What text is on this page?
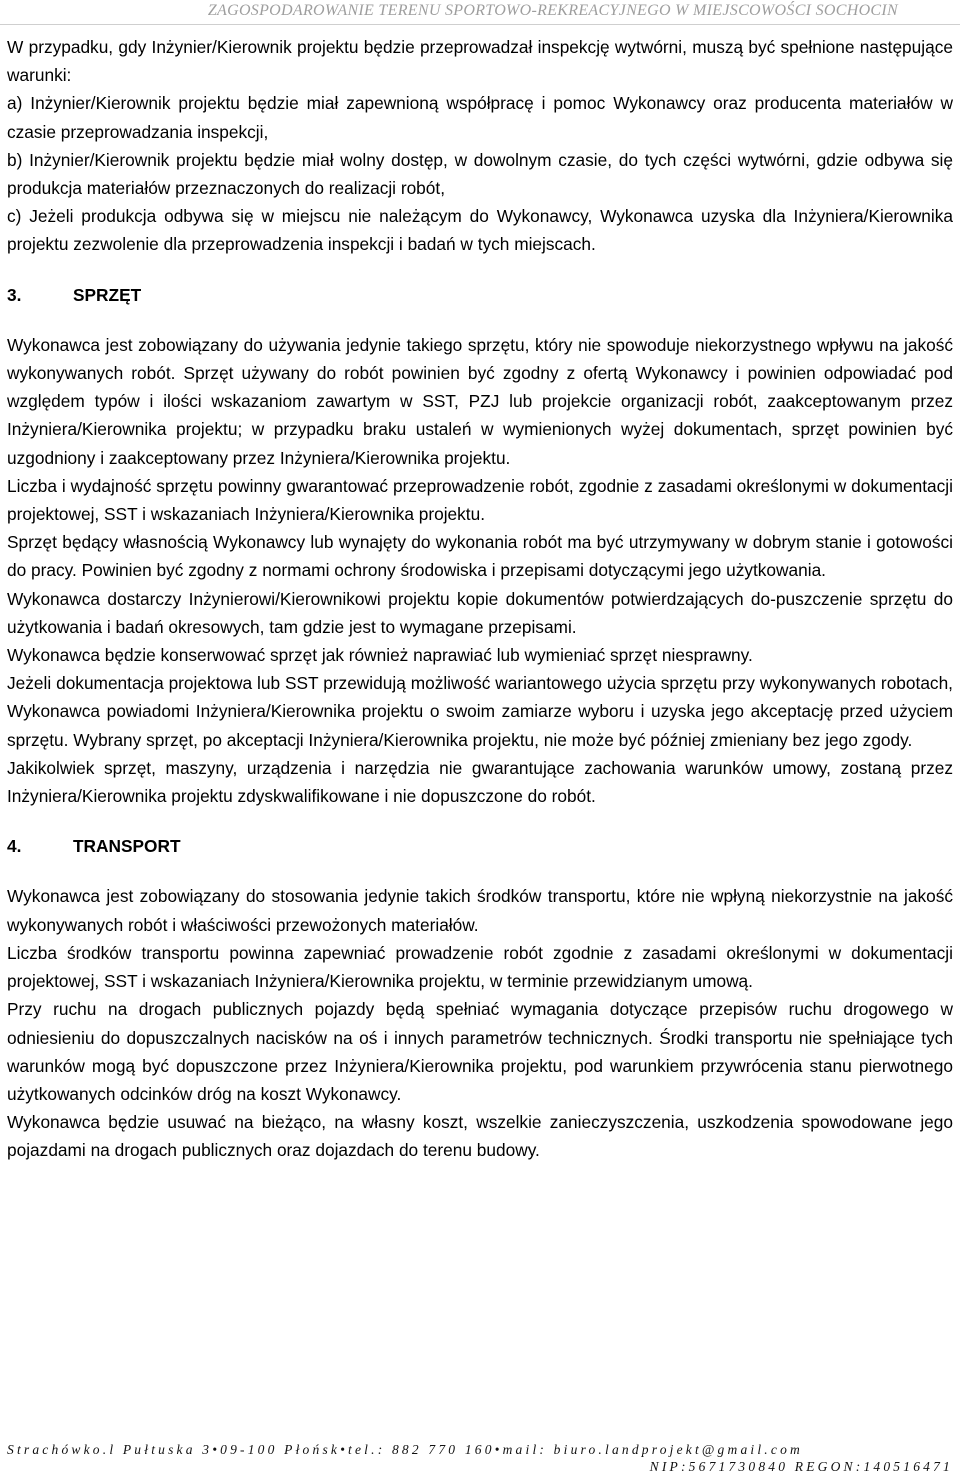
ZAGOSPODAROWANIE TERENU SPORTOWO-REKREACYJNEGO W MIEJSCOWOŚCI SOCHOCIN

W przypadku, gdy Inżynier/Kierownik projektu będzie przeprowadzał inspekcję wytwórni, muszą być spełnione następujące warunki:

a) Inżynier/Kierownik projektu będzie miał zapewnioną współpracę i pomoc Wykonawcy oraz producenta materiałów w czasie przeprowadzania inspekcji,

b) Inżynier/Kierownik projektu będzie miał wolny dostęp, w dowolnym czasie, do tych części wytwórni, gdzie odbywa się produkcja materiałów przeznaczonych do realizacji robót,

c) Jeżeli produkcja odbywa się w miejscu nie należącym do Wykonawcy, Wykonawca uzyska dla Inżyniera/Kierownika projektu zezwolenie dla przeprowadzenia inspekcji i badań w tych miejscach.

3.	SPRZĘT

Wykonawca jest zobowiązany do używania jedynie takiego sprzętu, który nie spowoduje niekorzystnego wpływu na jakość wykonywanych robót. Sprzęt używany do robót powinien być zgodny z ofertą Wykonawcy i powinien odpowiadać pod względem typów i ilości wskazaniom zawartym w SST, PZJ lub projekcie organizacji robót, zaakceptowanym przez Inżyniera/Kierownika projektu; w przypadku braku ustaleń w wymienionych wyżej dokumentach, sprzęt powinien być uzgodniony i zaakceptowany przez Inżyniera/Kierownika projektu.

Liczba i wydajność sprzętu powinny gwarantować przeprowadzenie robót, zgodnie z zasadami określonymi w dokumentacji projektowej, SST i wskazaniach Inżyniera/Kierownika projektu.

Sprzęt będący własnością Wykonawcy lub wynajęty do wykonania robót ma być utrzymywany w dobrym stanie i gotowości do pracy. Powinien być zgodny z normami ochrony środowiska i przepisami dotyczącymi jego użytkowania.

Wykonawca dostarczy Inżynierowi/Kierownikowi projektu kopie dokumentów potwierdzających do-puszczenie sprzętu do użytkowania i badań okresowych, tam gdzie jest to wymagane przepisami.

Wykonawca będzie konserwować sprzęt jak również naprawiać lub wymieniać sprzęt niesprawny.

Jeżeli dokumentacja projektowa lub SST przewidują możliwość wariantowego użycia sprzętu przy wykonywanych robotach, Wykonawca powiadomi Inżyniera/Kierownika projektu o swoim zamiarze wyboru i uzyska jego akceptację przed użyciem sprzętu. Wybrany sprzęt, po akceptacji Inżyniera/Kierownika projektu, nie może być później zmieniany bez jego zgody.

Jakikolwiek sprzęt, maszyny, urządzenia i narzędzia nie gwarantujące zachowania warunków umowy, zostaną przez Inżyniera/Kierownika projektu zdyskwalifikowane i nie dopuszczone do robót.

4.	TRANSPORT

Wykonawca jest zobowiązany do stosowania jedynie takich środków transportu, które nie wpłyną niekorzystnie na jakość wykonywanych robót i właściwości przewożonych materiałów.

Liczba środków transportu powinna zapewniać prowadzenie robót zgodnie z zasadami określonymi w dokumentacji projektowej, SST i wskazaniach Inżyniera/Kierownika projektu, w terminie przewidzianym umową.

Przy ruchu na drogach publicznych pojazdy będą spełniać wymagania dotyczące przepisów ruchu drogowego w odniesieniu do dopuszczalnych nacisków na oś i innych parametrów technicznych. Środki transportu nie spełniające tych warunków mogą być dopuszczone przez Inżyniera/Kierownika projektu, pod warunkiem przywrócenia stanu pierwotnego użytkowanych odcinków dróg na koszt Wykonawcy.

Wykonawca będzie usuwać na bieżąco, na własny koszt, wszelkie zanieczyszczenia, uszkodzenia spowodowane jego pojazdami na drogach publicznych oraz dojazdach do terenu budowy.

Strachówko.l Pułtuska 3•09-100 Płońsk•tel.: 882 770 160•mail: biuro.landprojekt@gmail.com
NIP:5671730840 REGON:140516471
